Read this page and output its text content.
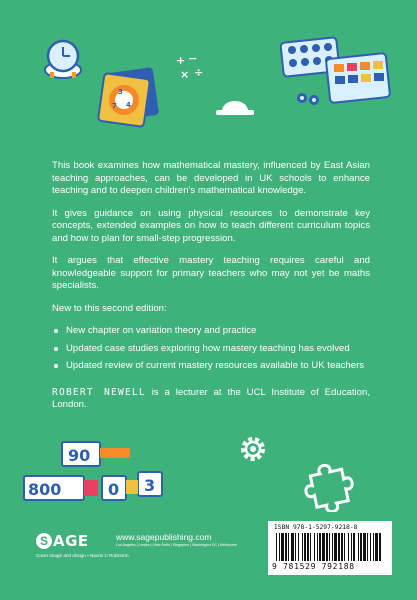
3
4
7
+ −
× ÷

This book examines how mathematical mastery, influenced by East Asian teaching approaches, can be developed in UK schools to enhance teaching and to deepen children's mathematical knowledge.

It gives guidance on using physical resources to demonstrate key concepts, extended examples on how to teach different curriculum topics and how to plan for small-step progression.

It argues that effective mastery teaching requires careful and knowledgeable support for primary teachers who may not yet be maths specialists.

New to this second edition:

New chapter on variation theory and practice
Updated case studies exploring how mastery teaching has evolved
Updated review of current mastery resources available to UK teachers
ROBERT NEWELL is a lecturer at the UCL Institute of Education, London.
90
800	0 3
S AGE	www.sagepublishing.com
Los Angeles | London | New Delhi | Singapore | Washington DC | Melbourne
Cover image and design • Naomi C Robinson
ISBN 978-1-5297-9218-8
9 781529 792188
